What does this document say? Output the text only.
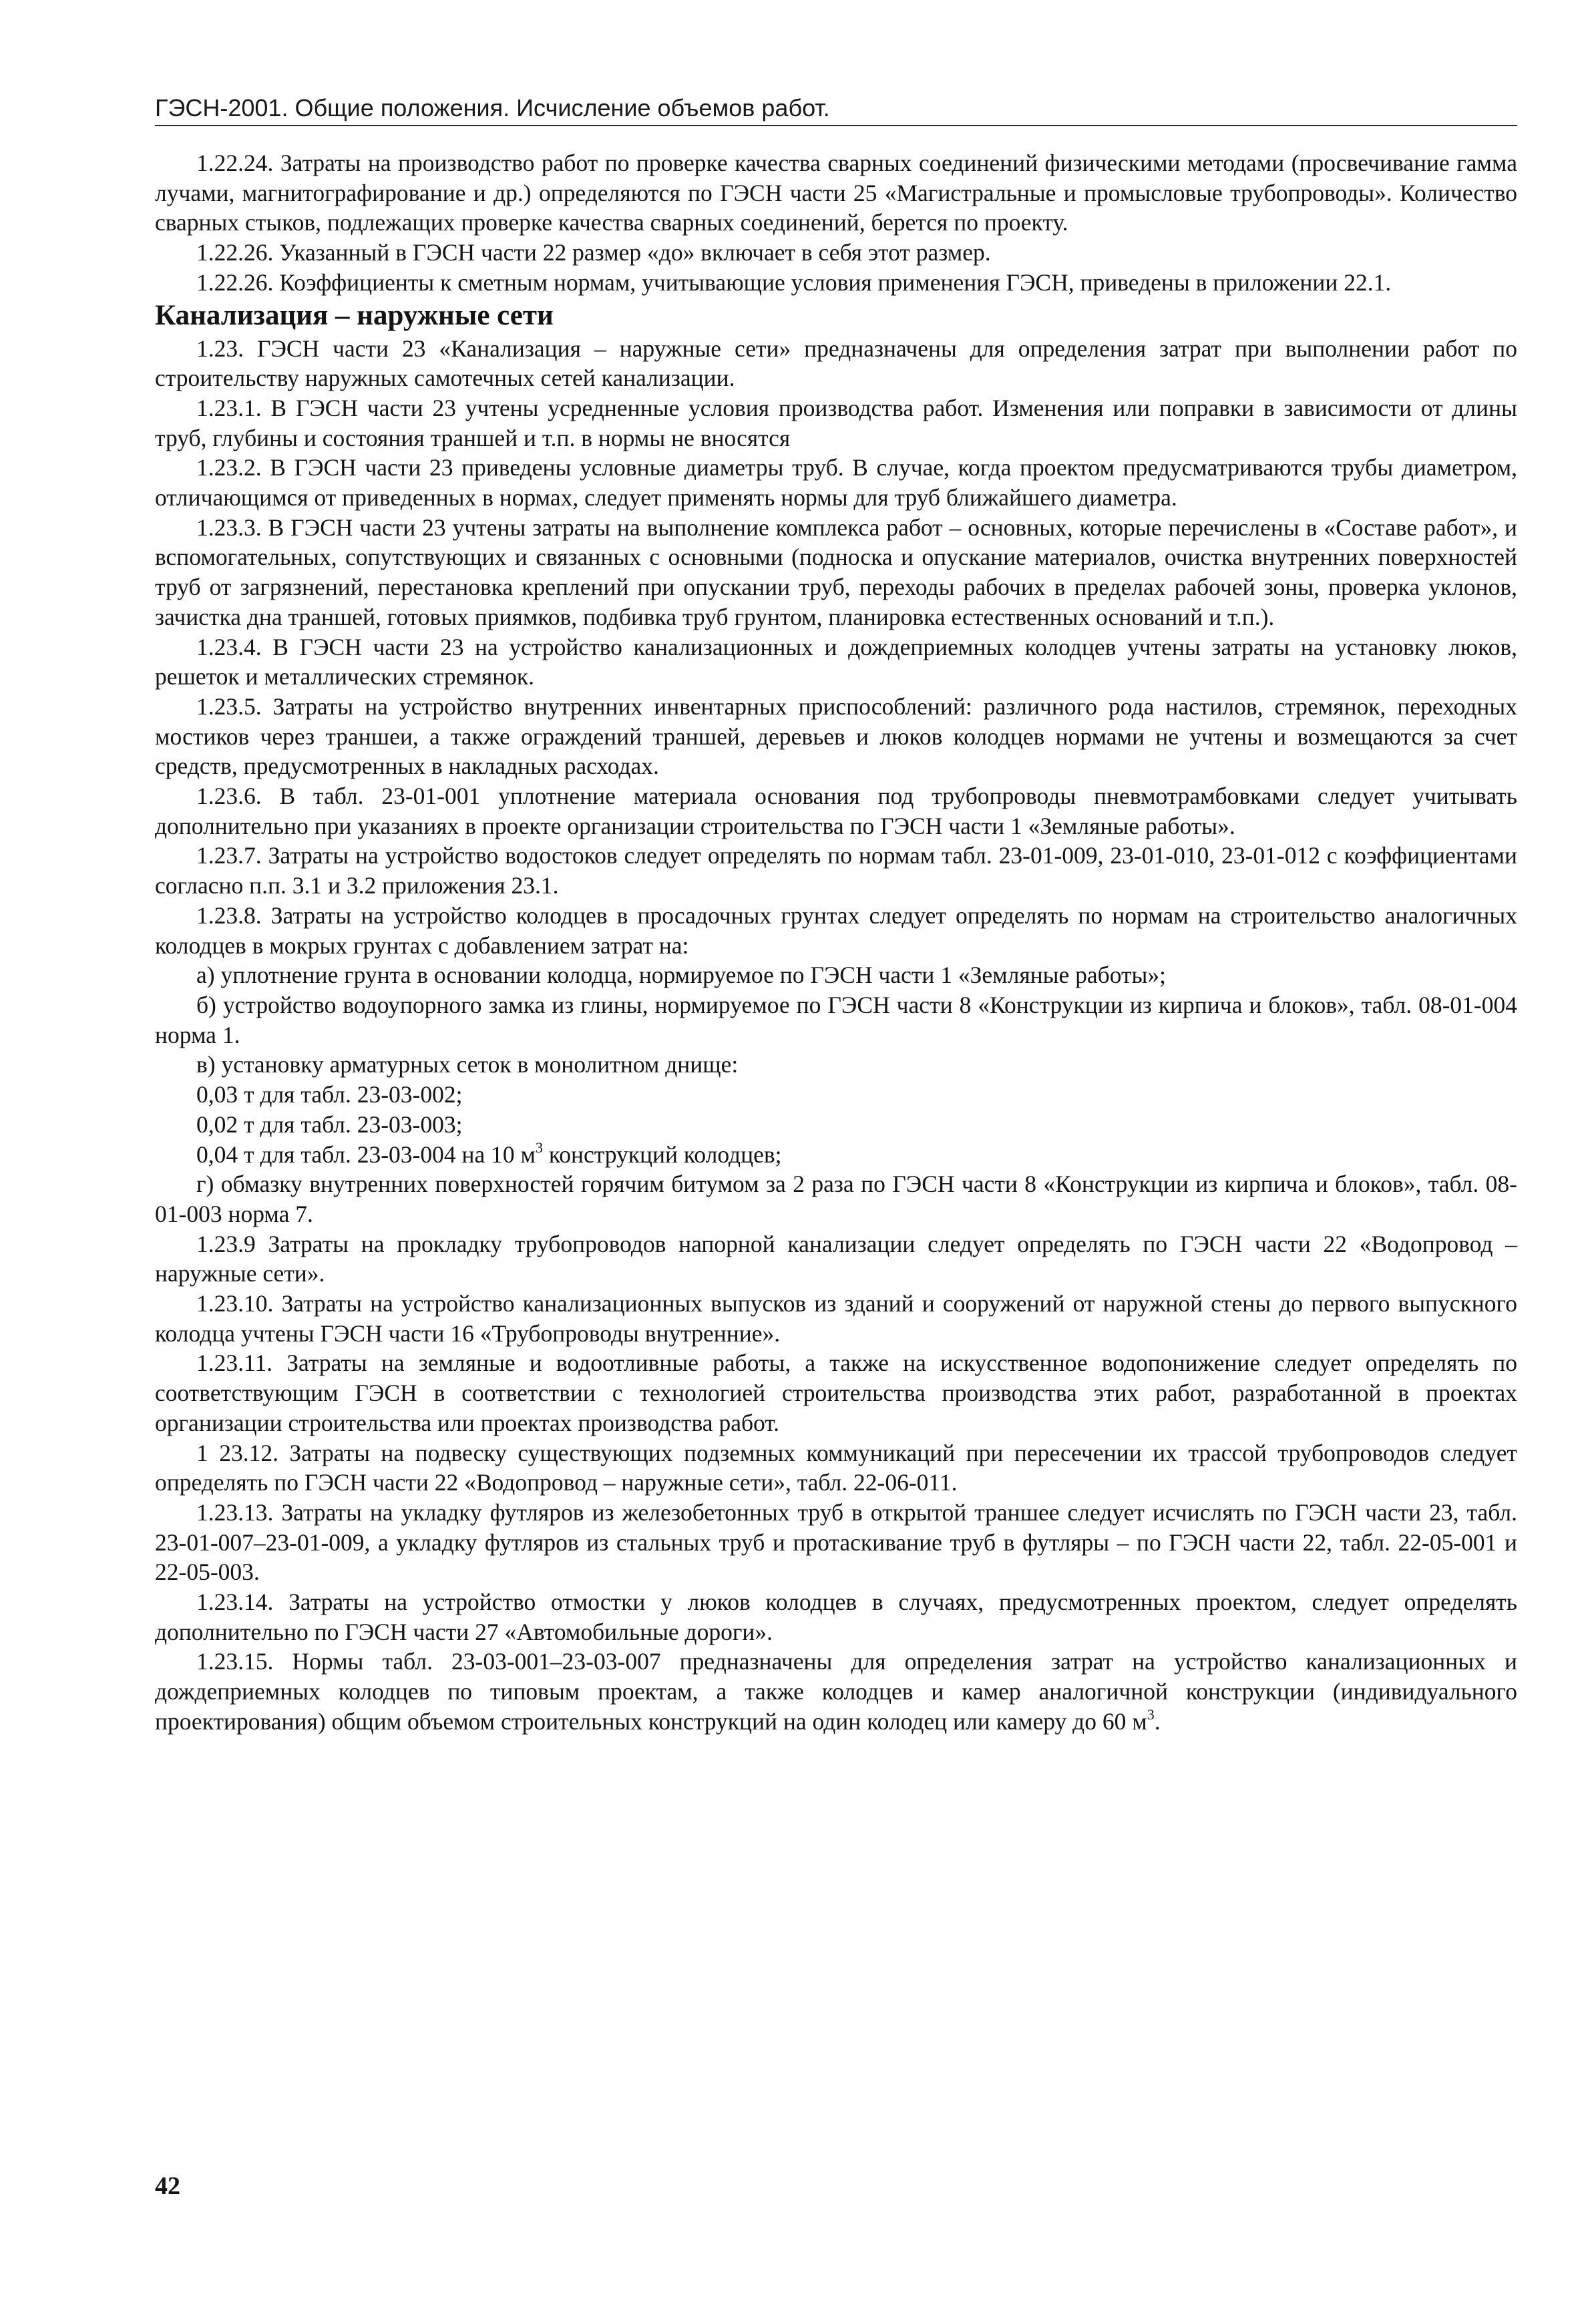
ГЭСН-2001. Общие положения. Исчисление объемов работ.

1.22.24. Затраты на производство работ по проверке качества сварных соединений физическими методами (просвечивание гамма лучами, магнитографирование и др.) определяются по ГЭСН части 25 «Магистральные и промысловые трубопроводы». Количество сварных стыков, подлежащих проверке качества сварных соединений, берется по проекту.

1.22.26. Указанный в ГЭСН части 22 размер «до» включает в себя этот размер.

1.22.26. Коэффициенты к сметным нормам, учитывающие условия применения ГЭСН, приведены в приложении 22.1.

Канализация – наружные сети

1.23. ГЭСН части 23 «Канализация – наружные сети» предназначены для определения затрат при выполнении работ по строительству наружных самотечных сетей канализации.

1.23.1. В ГЭСН части 23 учтены усредненные условия производства работ. Изменения или поправки в зависимости от длины труб, глубины и состояния траншей и т.п. в нормы не вносятся

1.23.2. В ГЭСН части 23 приведены условные диаметры труб. В случае, когда проектом предусматриваются трубы диаметром, отличающимся от приведенных в нормах, следует применять нормы для труб ближайшего диаметра.

1.23.3. В ГЭСН части 23 учтены затраты на выполнение комплекса работ – основных, которые перечислены в «Составе работ», и вспомогательных, сопутствующих и связанных с основными (подноска и опускание материалов, очистка внутренних поверхностей труб от загрязнений, перестановка креплений при опускании труб, переходы рабочих в пределах рабочей зоны, проверка уклонов, зачистка дна траншей, готовых приямков, подбивка труб грунтом, планировка естественных оснований и т.п.).

1.23.4. В ГЭСН части 23 на устройство канализационных и дождеприемных колодцев учтены затраты на установку люков, решеток и металлических стремянок.

1.23.5. Затраты на устройство внутренних инвентарных приспособлений: различного рода настилов, стремянок, переходных мостиков через траншеи, а также ограждений траншей, деревьев и люков колодцев нормами не учтены и возмещаются за счет средств, предусмотренных в накладных расходах.

1.23.6. В табл. 23-01-001 уплотнение материала основания под трубопроводы пневмотрамбовками следует учитывать дополнительно при указаниях в проекте организации строительства по ГЭСН части 1 «Земляные работы».

1.23.7. Затраты на устройство водостоков следует определять по нормам табл. 23-01-009, 23-01-010, 23-01-012 с коэффициентами согласно п.п. 3.1 и 3.2 приложения 23.1.

1.23.8. Затраты на устройство колодцев в просадочных грунтах следует определять по нормам на строительство аналогичных колодцев в мокрых грунтах с добавлением затрат на:

а) уплотнение грунта в основании колодца, нормируемое по ГЭСН части 1 «Земляные работы»;

б) устройство водоупорного замка из глины, нормируемое по ГЭСН части 8 «Конструкции из кирпича и блоков», табл. 08-01-004 норма 1.

в) установку арматурных сеток в монолитном днище:

0,03 т для табл. 23-03-002;

0,02 т для табл. 23-03-003;

0,04 т для табл. 23-03-004 на 10 $м^3$ конструкций колодцев;

г) обмазку внутренних поверхностей горячим битумом за 2 раза по ГЭСН части 8 «Конструкции из кирпича и блоков», табл. 08-01-003 норма 7.

1.23.9 Затраты на прокладку трубопроводов напорной канализации следует определять по ГЭСН части 22 «Водопровод – наружные сети».

1.23.10. Затраты на устройство канализационных выпусков из зданий и сооружений от наружной стены до первого выпускного колодца учтены ГЭСН части 16 «Трубопроводы внутренние».

1.23.11. Затраты на земляные и водоотливные работы, а также на искусственное водопонижение следует определять по соответствующим ГЭСН в соответствии с технологией строительства производства этих работ, разработанной в проектах организации строительства или проектах производства работ.

1 23.12. Затраты на подвеску существующих подземных коммуникаций при пересечении их трассой трубопроводов следует определять по ГЭСН части 22 «Водопровод – наружные сети», табл. 22-06-011.

1.23.13. Затраты на укладку футляров из железобетонных труб в открытой траншее следует исчислять по ГЭСН части 23, табл. 23-01-007–23-01-009, а укладку футляров из стальных труб и протаскивание труб в футляры – по ГЭСН части 22, табл. 22-05-001 и 22-05-003.

1.23.14. Затраты на устройство отмостки у люков колодцев в случаях, предусмотренных проектом, следует определять дополнительно по ГЭСН части 27 «Автомобильные дороги».

1.23.15. Нормы табл. 23-03-001–23-03-007 предназначены для определения затрат на устройство канализационных и дождеприемных колодцев по типовым проектам, а также колодцев и камер аналогичной конструкции (индивидуального проектирования) общим объемом строительных конструкций на один колодец или камеру до 60 $м^3$.

42
